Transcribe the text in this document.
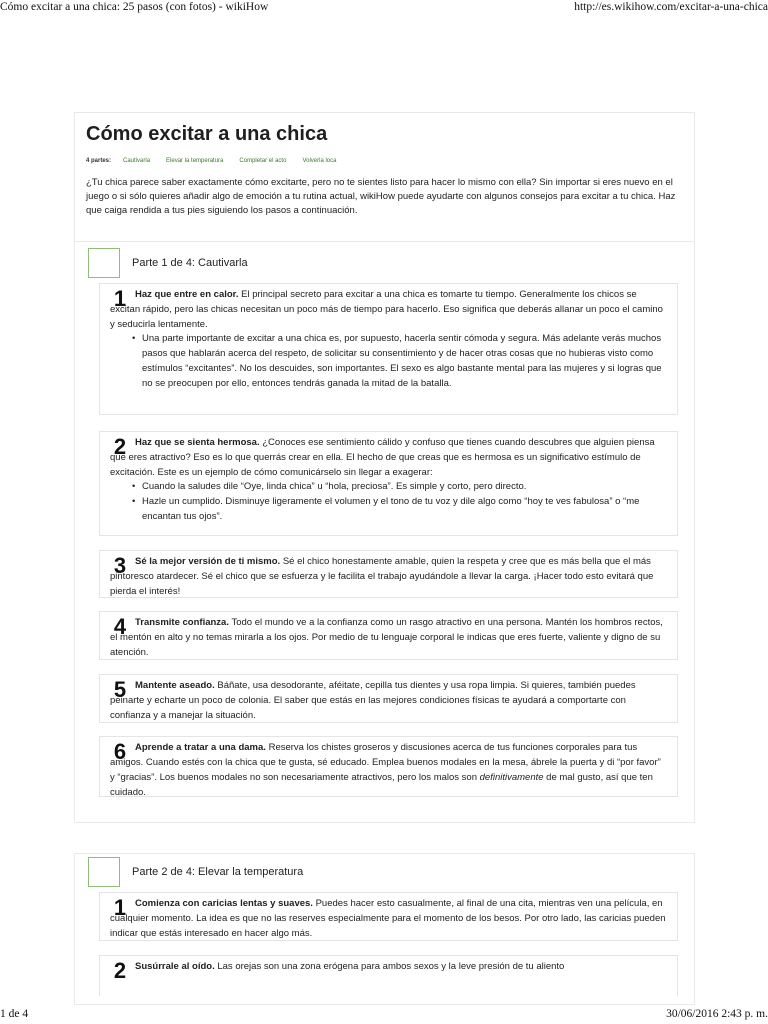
Cómo excitar a una chica: 25 pasos (con fotos) - wikiHow	http://es.wikihow.com/excitar-a-una-chica
Cómo excitar a una chica
4 partes: Cautivarla	Elevar la temperatura	Completar el acto	Volverla loca

¿Tu chica parece saber exactamente cómo excitarte, pero no te sientes listo para hacer lo mismo con ella? Sin importar si eres nuevo en el juego o si sólo quieres añadir algo de emoción a tu rutina actual, wikiHow puede ayudarte con algunos consejos para excitar a tu chica. Haz que caiga rendida a tus pies siguiendo los pasos a continuación.

Parte 1 de 4: Cautivarla
1 Haz que entre en calor. El principal secreto para excitar a una chica es tomarte tu tiempo. Generalmente los chicos se excitan rápido, pero las chicas necesitan un poco más de tiempo para hacerlo. Eso significa que deberás allanar un poco el camino y seducirla lentamente.

• Una parte importante de excitar a una chica es, por supuesto, hacerla sentir cómoda y segura. Más adelante verás muchos pasos que hablarán acerca del respeto, de solicitar su consentimiento y de hacer otras cosas que no hubieras visto como estímulos “excitantes”. No los descuides, son importantes. El sexo es algo bastante mental para las mujeres y si logras que no se preocupen por ello, entonces tendrás ganada la mitad de la batalla.
2 Haz que se sienta hermosa. ¿Conoces ese sentimiento cálido y confuso que tienes cuando descubres que alguien piensa que eres atractivo? Eso es lo que querrás crear en ella. El hecho de que creas que es hermosa es un significativo estímulo de excitación. Este es un ejemplo de cómo comunicárselo sin llegar a exagerar:

• Cuando la saludes dile “Oye, linda chica” u “hola, preciosa”. Es simple y corto, pero directo.
• Hazle un cumplido. Disminuye ligeramente el volumen y el tono de tu voz y dile algo como “hoy te ves fabulosa” o “me encantan tus ojos”.
3 Sé la mejor versión de ti mismo. Sé el chico honestamente amable, quien la respeta y cree que es más bella que el más pintoresco atardecer. Sé el chico que se esfuerza y le facilita el trabajo ayudándole a llevar la carga. ¡Hacer todo esto evitará que pierda el interés!

4 Transmite confianza. Todo el mundo ve a la confianza como un rasgo atractivo en una persona. Mantén los hombros rectos, el mentón en alto y no temas mirarla a los ojos. Por medio de tu lenguaje corporal le indicas que eres fuerte, valiente y digno de su atención.

5 Mantente aseado. Báñate, usa desodorante, aféitate, cepilla tus dientes y usa ropa limpia. Si quieres, también puedes peinarte y echarte un poco de colonia. El saber que estás en las mejores condiciones físicas te ayudará a comportarte con confianza y a manejar la situación.

6 Aprende a tratar a una dama. Reserva los chistes groseros y discusiones acerca de tus funciones corporales para tus amigos. Cuando estés con la chica que te gusta, sé educado. Emplea buenos modales en la mesa, ábrele la puerta y di “por favor” y “gracias”. Los buenos modales no son necesariamente atractivos, pero los malos son definitivamente de mal gusto, así que ten cuidado.

Parte 2 de 4: Elevar la temperatura
1 Comienza con caricias lentas y suaves. Puedes hacer esto casualmente, al final de una cita, mientras ven una película, en cualquier momento. La idea es que no las reserves especialmente para el momento de los besos. Por otro lado, las caricias pueden indicar que estás interesado en hacer algo más.

2 Susúrrale al oído. Las orejas son una zona erógena para ambos sexos y la leve presión de tu aliento

1 de 4	30/06/2016 2:43 p. m.
